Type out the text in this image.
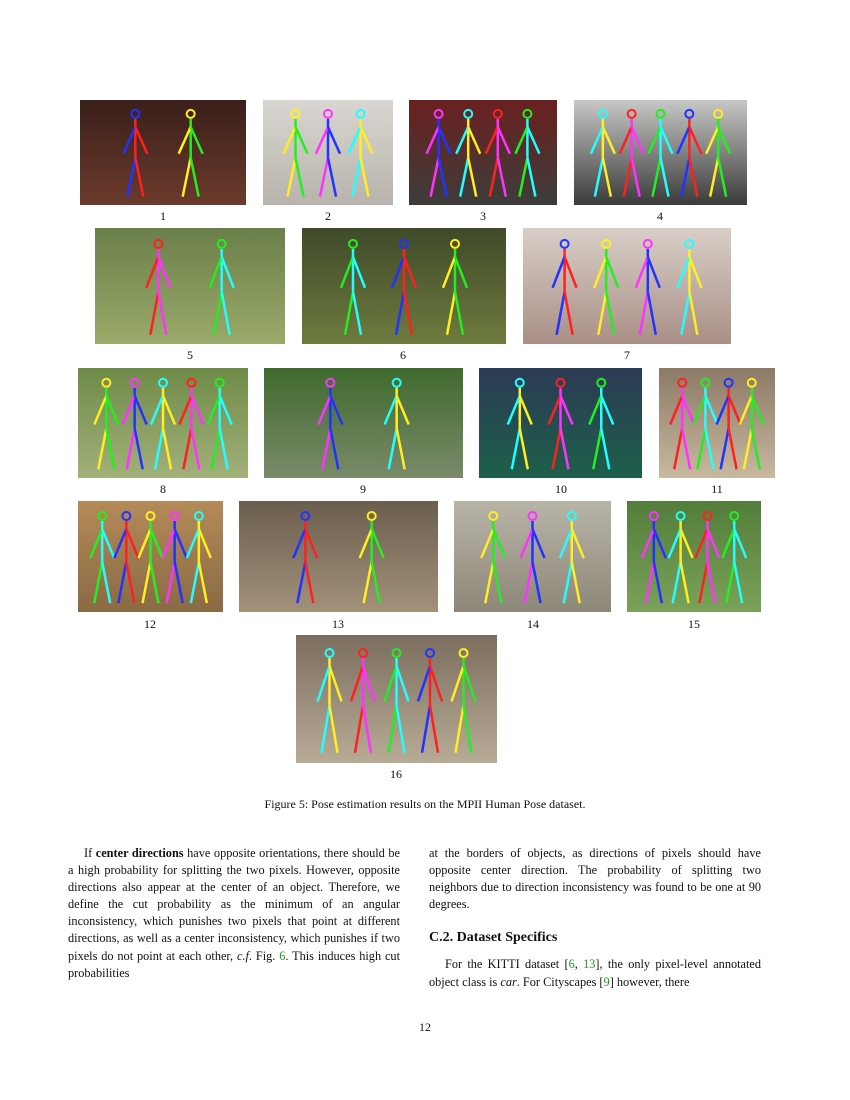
1	2	3	4
5	6	7
8	9	10	11
12	13	14	15
16
Figure 5: Pose estimation results on the MPII Human Pose dataset.

If center directions have opposite orientations, there should be a high probability for splitting the two pixels. However, opposite directions also appear at the center of an object. Therefore, we define the cut probability as the minimum of an angular inconsistency, which punishes two pixels that point at different directions, as well as a center inconsistency, which punishes if two pixels do not point at each other, c.f. Fig. 6. This induces high cut probabilities

at the borders of objects, as directions of pixels should have opposite center direction. The probability of splitting two neighbors due to direction inconsistency was found to be one at 90 degrees.

C.2. Dataset Specifics

For the KITTI dataset [6, 13], the only pixel-level annotated object class is car. For Cityscapes [9] however, there

12
